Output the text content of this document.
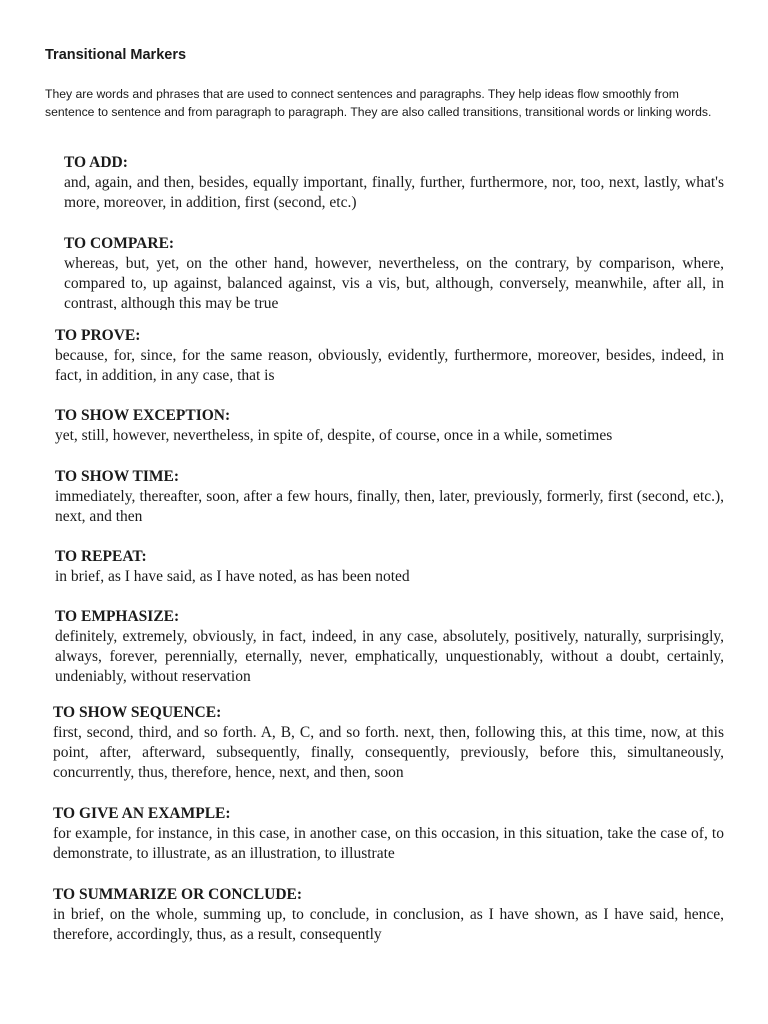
Transitional Markers

They are words and phrases that are used to connect sentences and paragraphs. They help ideas flow smoothly from sentence to sentence and from paragraph to paragraph. They are also called transitions, transitional words or linking words.

TO ADD:

and, again, and then, besides, equally important, finally, further, furthermore, nor, too, next, lastly, what's more, moreover, in addition, first (second, etc.)

TO COMPARE:

whereas, but, yet, on the other hand, however, nevertheless, on the contrary, by comparison, where, compared to, up against, balanced against, vis a vis, but, although, conversely, meanwhile, after all, in contrast, although this may be true

TO PROVE:

because, for, since, for the same reason, obviously, evidently, furthermore, moreover, besides, indeed, in fact, in addition, in any case, that is

TO SHOW EXCEPTION:

yet, still, however, nevertheless, in spite of, despite, of course, once in a while, sometimes

TO SHOW TIME:

immediately, thereafter, soon, after a few hours, finally, then, later, previously, formerly, first (second, etc.), next, and then

TO REPEAT:

in brief, as I have said, as I have noted, as has been noted

TO EMPHASIZE:

definitely, extremely, obviously, in fact, indeed, in any case, absolutely, positively, naturally, surprisingly, always, forever, perennially, eternally, never, emphatically, unquestionably, without a doubt, certainly, undeniably, without reservation

TO SHOW SEQUENCE:

first, second, third, and so forth. A, B, C, and so forth. next, then, following this, at this time, now, at this point, after, afterward, subsequently, finally, consequently, previously, before this, simultaneously, concurrently, thus, therefore, hence, next, and then, soon

TO GIVE AN EXAMPLE:

for example, for instance, in this case, in another case, on this occasion, in this situation, take the case of, to demonstrate, to illustrate, as an illustration, to illustrate

TO SUMMARIZE OR CONCLUDE:

in brief, on the whole, summing up, to conclude, in conclusion, as I have shown, as I have said, hence, therefore, accordingly, thus, as a result, consequently
